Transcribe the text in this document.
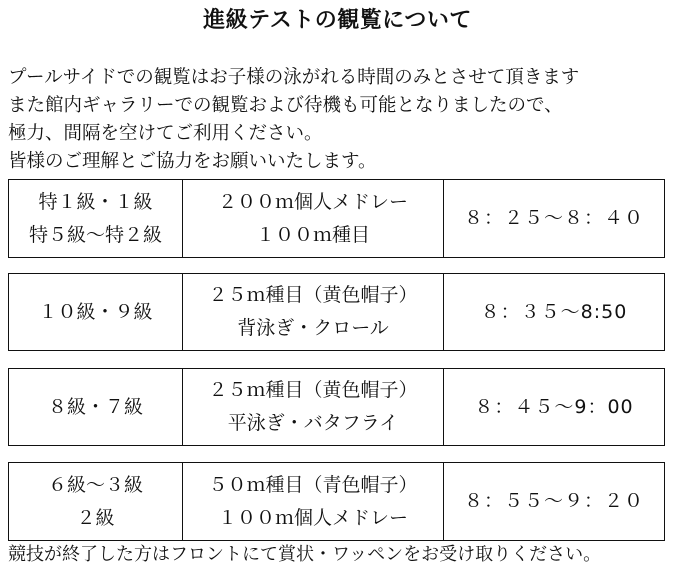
進級テストの観覧について
プールサイドでの観覧はお子様の泳がれる時間のみとさせて頂きます
また館内ギャラリーでの観覧および待機も可能となりましたので、
極力、間隔を空けてご利用ください。
皆様のご理解とご協力をお願いいたします。
特１級・１級
特５級〜特２級
２００ｍ個人メドレー
１００ｍ種目
８：２５〜８：４０
１０級・９級
２５ｍ種目（黄色帽子）
背泳ぎ・クロール
８：３５〜8:50
８級・７級
２５ｍ種目（黄色帽子）
平泳ぎ・バタフライ
８：４５〜9：00
６級〜３級
２級
５０ｍ種目（青色帽子）
１００ｍ個人メドレー
８：５５〜９：２０
競技が終了した方はフロントにて賞状・ワッペンをお受け取りください。
